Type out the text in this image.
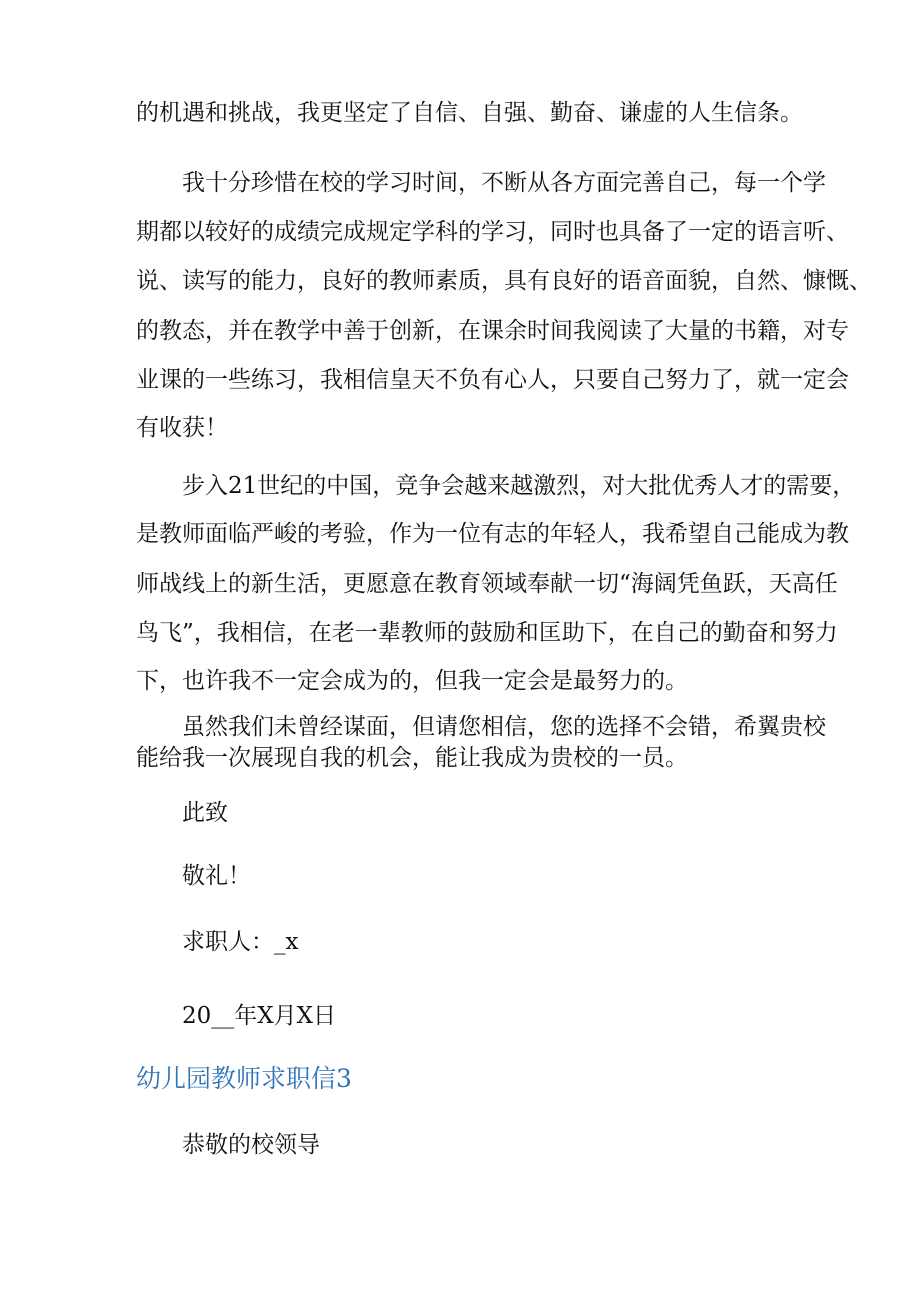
的机遇和挑战，我更坚定了自信、自强、勤奋、谦虚的人生信条。
我十分珍惜在校的学习时间，不断从各方面完善自己，每一个学
期都以较好的成绩完成规定学科的学习，同时也具备了一定的语言听、
说、读写的能力，良好的教师素质，具有良好的语音面貌，自然、慷慨、
的教态，并在教学中善于创新，在课余时间我阅读了大量的书籍，对专
业课的一些练习，我相信皇天不负有心人，只要自己努力了，就一定会
有收获！
步入21世纪的中国，竞争会越来越激烈，对大批优秀人才的需要，
是教师面临严峻的考验，作为一位有志的年轻人，我希望自己能成为教
师战线上的新生活，更愿意在教育领域奉献一切“海阔凭鱼跃，天高任
鸟飞”，我相信，在老一辈教师的鼓励和匡助下，在自己的勤奋和努力
下，也许我不一定会成为的，但我一定会是最努力的。
虽然我们未曾经谋面，但请您相信，您的选择不会错，希翼贵校
能给我一次展现自我的机会，能让我成为贵校的一员。
此致
敬礼！
求职人：_x
20__年X月X日
幼儿园教师求职信3
恭敬的校领导
